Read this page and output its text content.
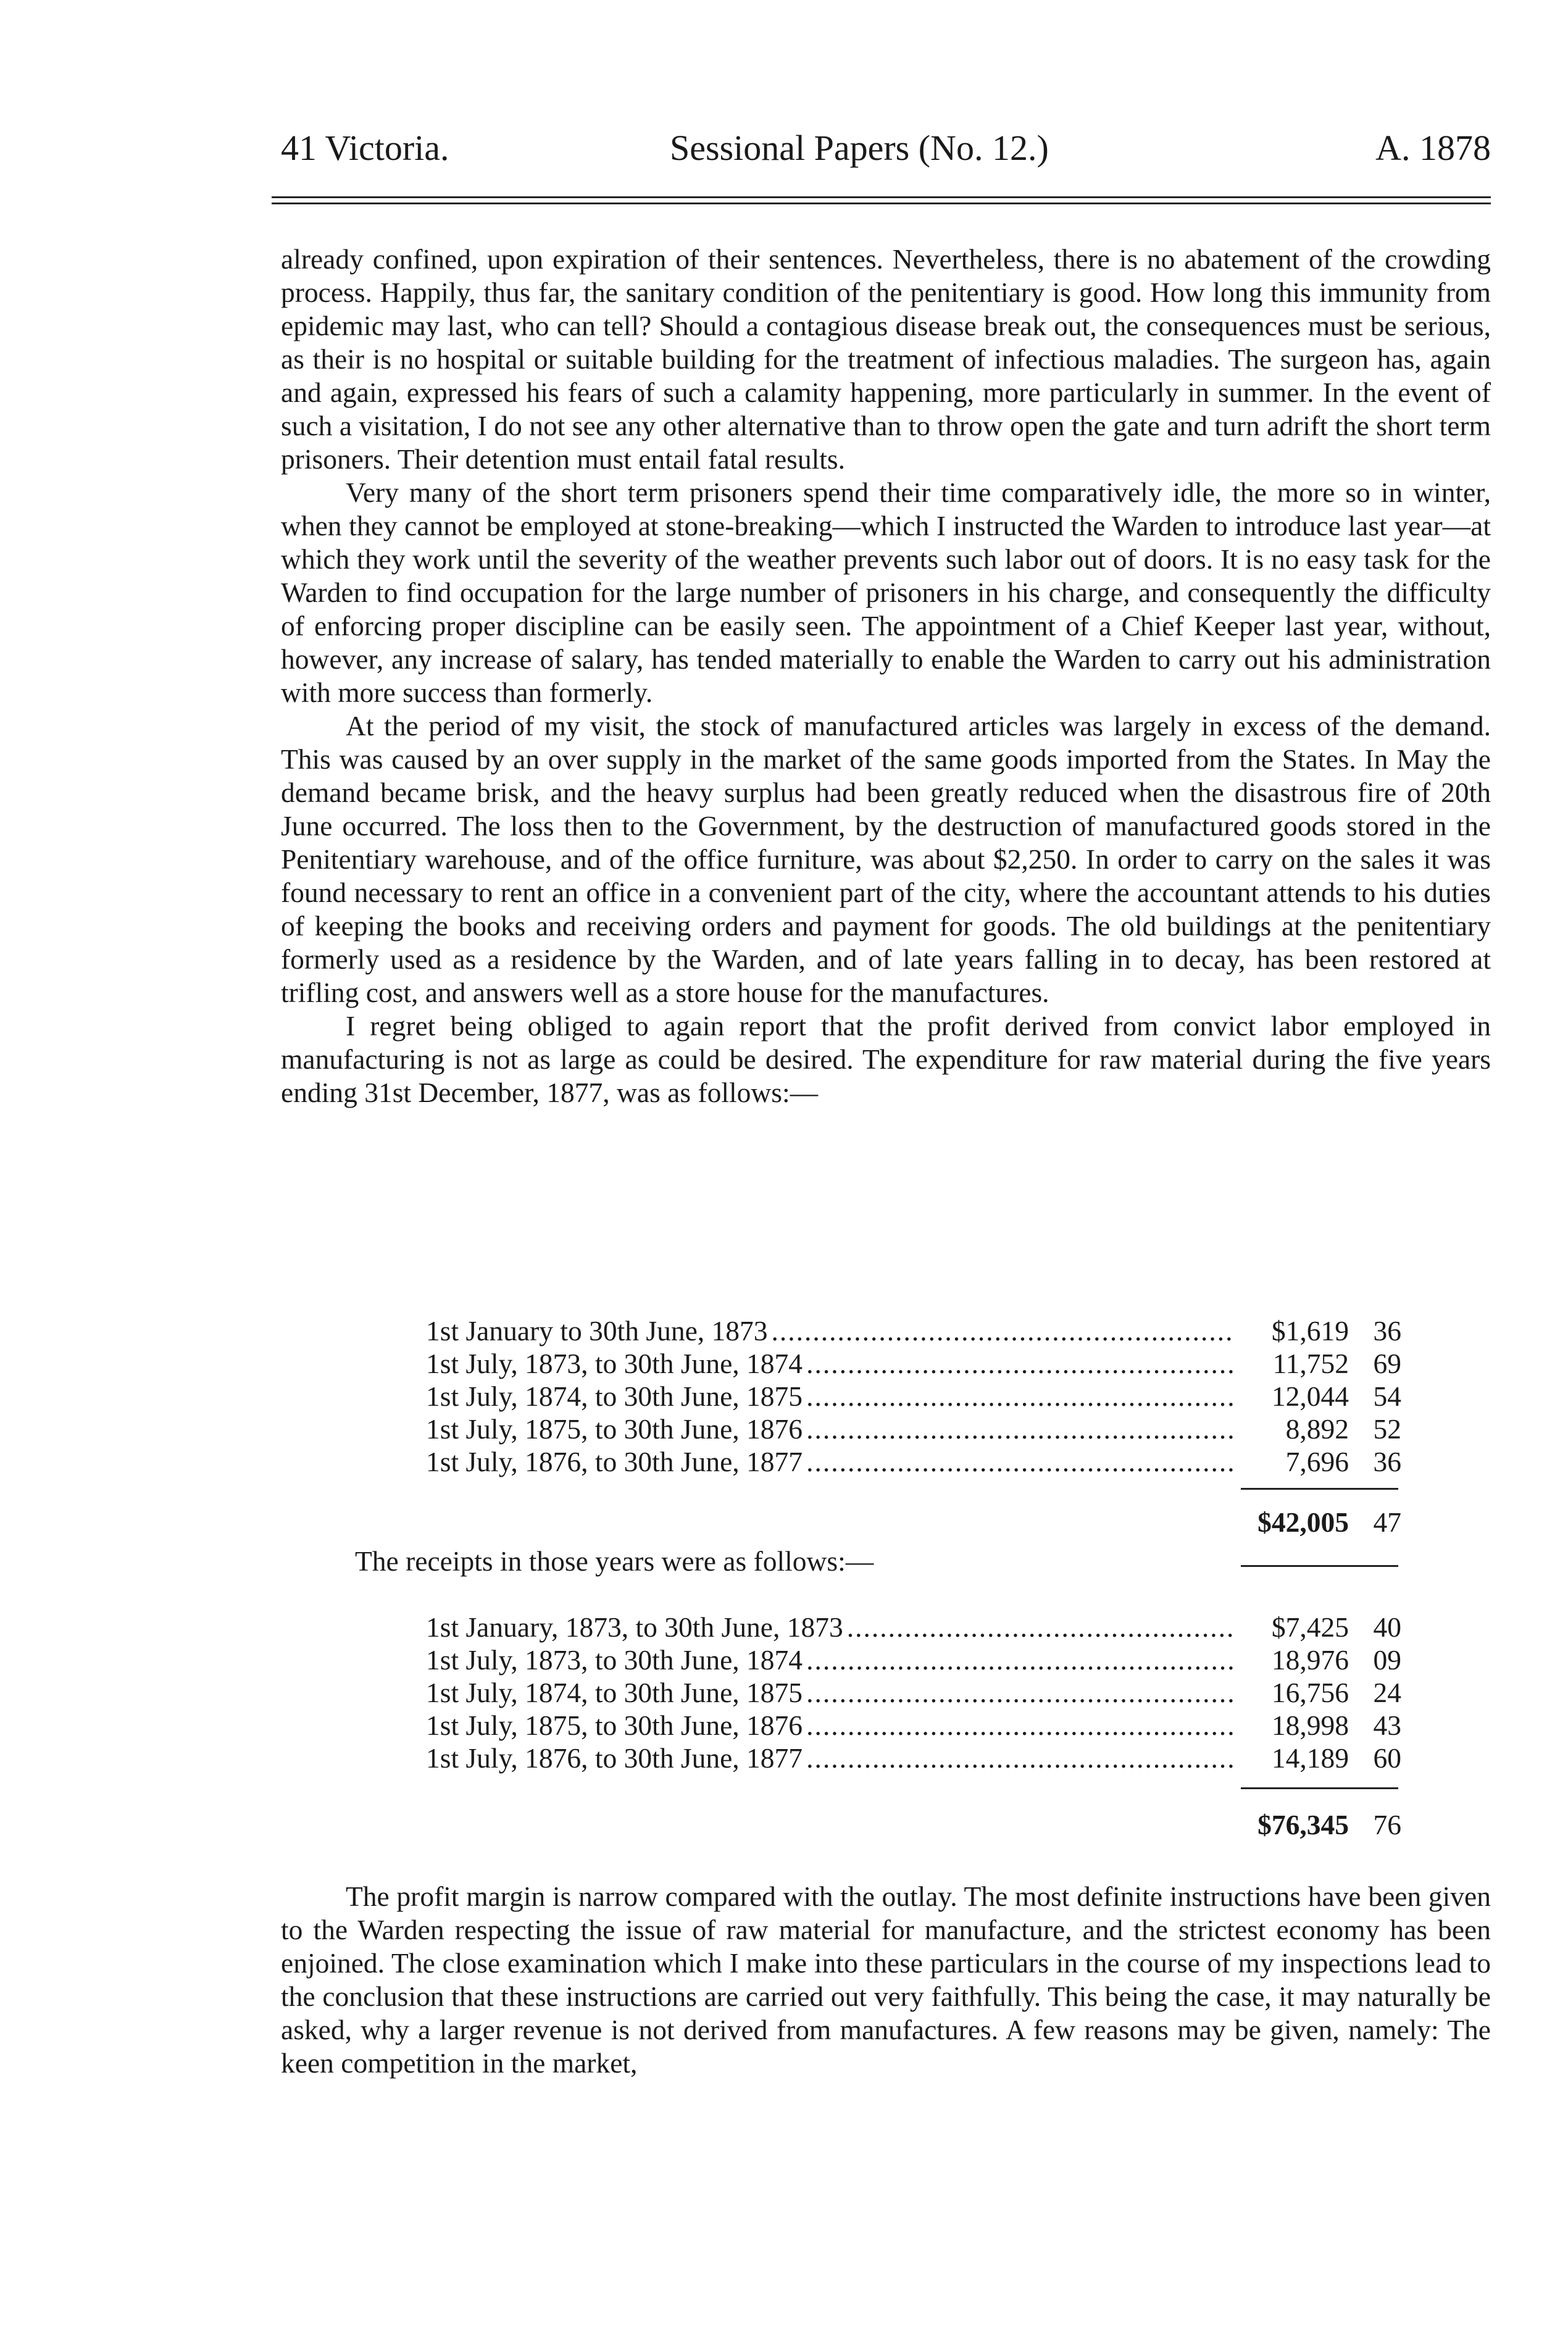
41 Victoria.	Sessional Papers (No. 12.)	A. 1878

already confined, upon expiration of their sentences. Nevertheless, there is no abatement of the crowding process. Happily, thus far, the sanitary condition of the penitentiary is good. How long this immunity from epidemic may last, who can tell? Should a contagious disease break out, the consequences must be serious, as their is no hospital or suitable building for the treatment of infectious maladies. The surgeon has, again and again, expressed his fears of such a calamity happening, more particularly in summer. In the event of such a visitation, I do not see any other alternative than to throw open the gate and turn adrift the short term prisoners. Their detention must entail fatal results.

Very many of the short term prisoners spend their time comparatively idle, the more so in winter, when they cannot be employed at stone-breaking—which I instructed the Warden to introduce last year—at which they work until the severity of the weather prevents such labor out of doors. It is no easy task for the Warden to find occupation for the large number of prisoners in his charge, and consequently the difficulty of enforcing proper discipline can be easily seen. The appointment of a Chief Keeper last year, without, however, any increase of salary, has tended materially to enable the Warden to carry out his administration with more success than formerly.

At the period of my visit, the stock of manufactured articles was largely in excess of the demand. This was caused by an over supply in the market of the same goods imported from the States. In May the demand became brisk, and the heavy surplus had been greatly reduced when the disastrous fire of 20th June occurred. The loss then to the Government, by the destruction of manufactured goods stored in the Penitentiary warehouse, and of the office furniture, was about $2,250. In order to carry on the sales it was found necessary to rent an office in a convenient part of the city, where the accountant attends to his duties of keeping the books and receiving orders and payment for goods. The old buildings at the penitentiary formerly used as a residence by the Warden, and of late years falling in to decay, has been restored at trifling cost, and answers well as a store house for the manufactures.

I regret being obliged to again report that the profit derived from convict labor employed in manufacturing is not as large as could be desired. The expenditure for raw material during the five years ending 31st December, 1877, was as follows:—

1st January to 30th June, 1873 .....	$1,619 36
1st July, 1873, to 30th June, 1874 .....	11,752 69
1st July, 1874, to 30th June, 1875 .....	12,044 54
1st July, 1875, to 30th June, 1876 .....	8,892 52
1st July, 1876, to 30th June, 1877 .....	7,696 36
$42,005 47
The receipts in those years were as follows:—
1st January, 1873, to 30th June, 1873 .....	$7,425 40
1st July, 1873, to 30th June, 1874 .....	18,976 09
1st July, 1874, to 30th June, 1875 .....	16,756 24
1st July, 1875, to 30th June, 1876 .....	18,998 43
1st July, 1876, to 30th June, 1877 .....	14,189 60
$76,345 76

The profit margin is narrow compared with the outlay. The most definite instructions have been given to the Warden respecting the issue of raw material for manufacture, and the strictest economy has been enjoined. The close examination which I make into these particulars in the course of my inspections lead to the conclusion that these instructions are carried out very faithfully. This being the case, it may naturally be asked, why a larger revenue is not derived from manufactures. A few reasons may be given, namely: The keen competition in the market,
